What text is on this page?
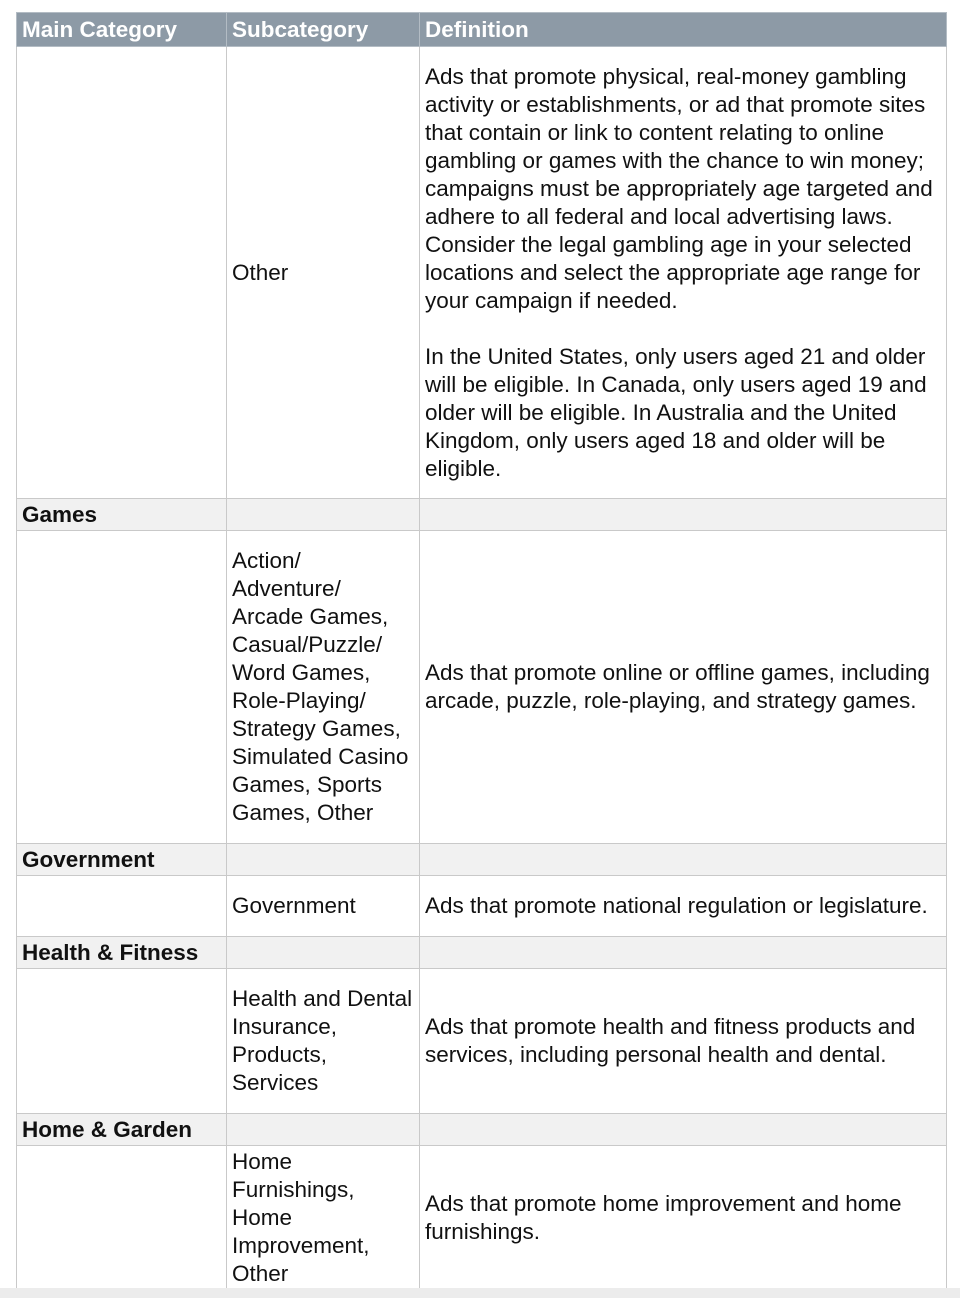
Main Category	Subcategory	Definition
	Other	Ads that promote physical, real-money gambling activity or establishments, or ad that promote sites that contain or link to content relating to online gambling or games with the chance to win money; campaigns must be appropriately age targeted and adhere to all federal and local advertising laws. Consider the legal gambling age in your selected locations and select the appropriate age range for your campaign if needed.

In the United States, only users aged 21 and older will be eligible. In Canada, only users aged 19 and older will be eligible. In Australia and the United Kingdom, only users aged 18 and older will be eligible.

Games		
	Action/ Adventure/ Arcade Games, Casual/Puzzle/ Word Games, Role-Playing/ Strategy Games, Simulated Casino Games, Sports Games, Other	Ads that promote online or offline games, including arcade, puzzle, role-playing, and strategy games.

Government		
	Government	Ads that promote national regulation or legislature.

Health & Fitness		
	Health and Dental Insurance, Products, Services	Ads that promote health and fitness products and services, including personal health and dental.

Home & Garden		
	Home Furnishings, Home Improvement, Other	Ads that promote home improvement and home furnishings.
